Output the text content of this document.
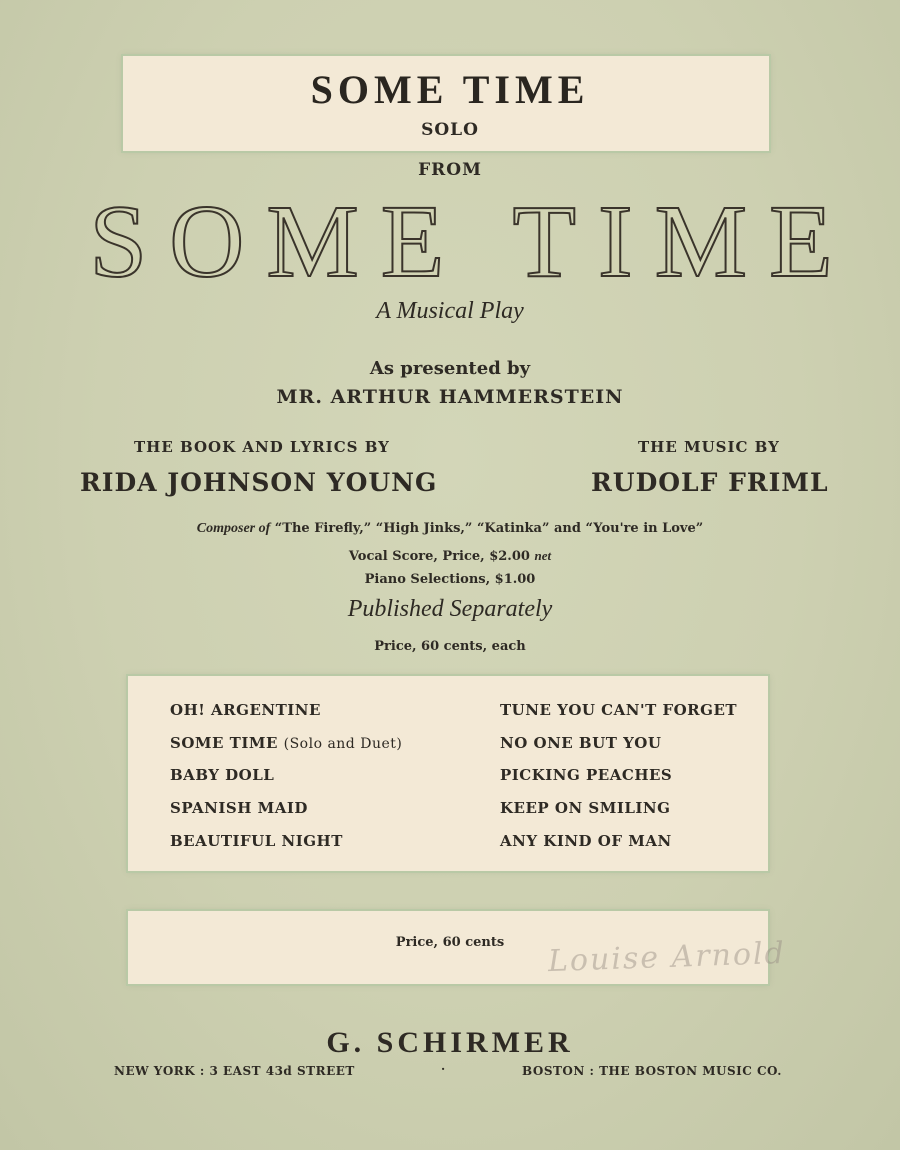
SOME TIME
SOLO
FROM
SOME TIME
A Musical Play
As presented by
MR. ARTHUR HAMMERSTEIN
THE BOOK AND LYRICS BY
RIDA JOHNSON YOUNG
THE MUSIC BY
RUDOLF FRIML
Composer of “The Firefly,” “High Jinks,” “Katinka” and “You're in Love”
Vocal Score, Price, $2.00 net
Piano Selections, $1.00
Published Separately
Price, 60 cents, each
OH! ARGENTINE
SOME TIME (Solo and Duet)
BABY DOLL
SPANISH MAID
BEAUTIFUL NIGHT
TUNE YOU CAN'T FORGET
NO ONE BUT YOU
PICKING PEACHES
KEEP ON SMILING
ANY KIND OF MAN
Price, 60 cents	Louise Arnold
G. SCHIRMER
NEW YORK : 3 EAST 43d STREET	·	BOSTON : THE BOSTON MUSIC CO.
